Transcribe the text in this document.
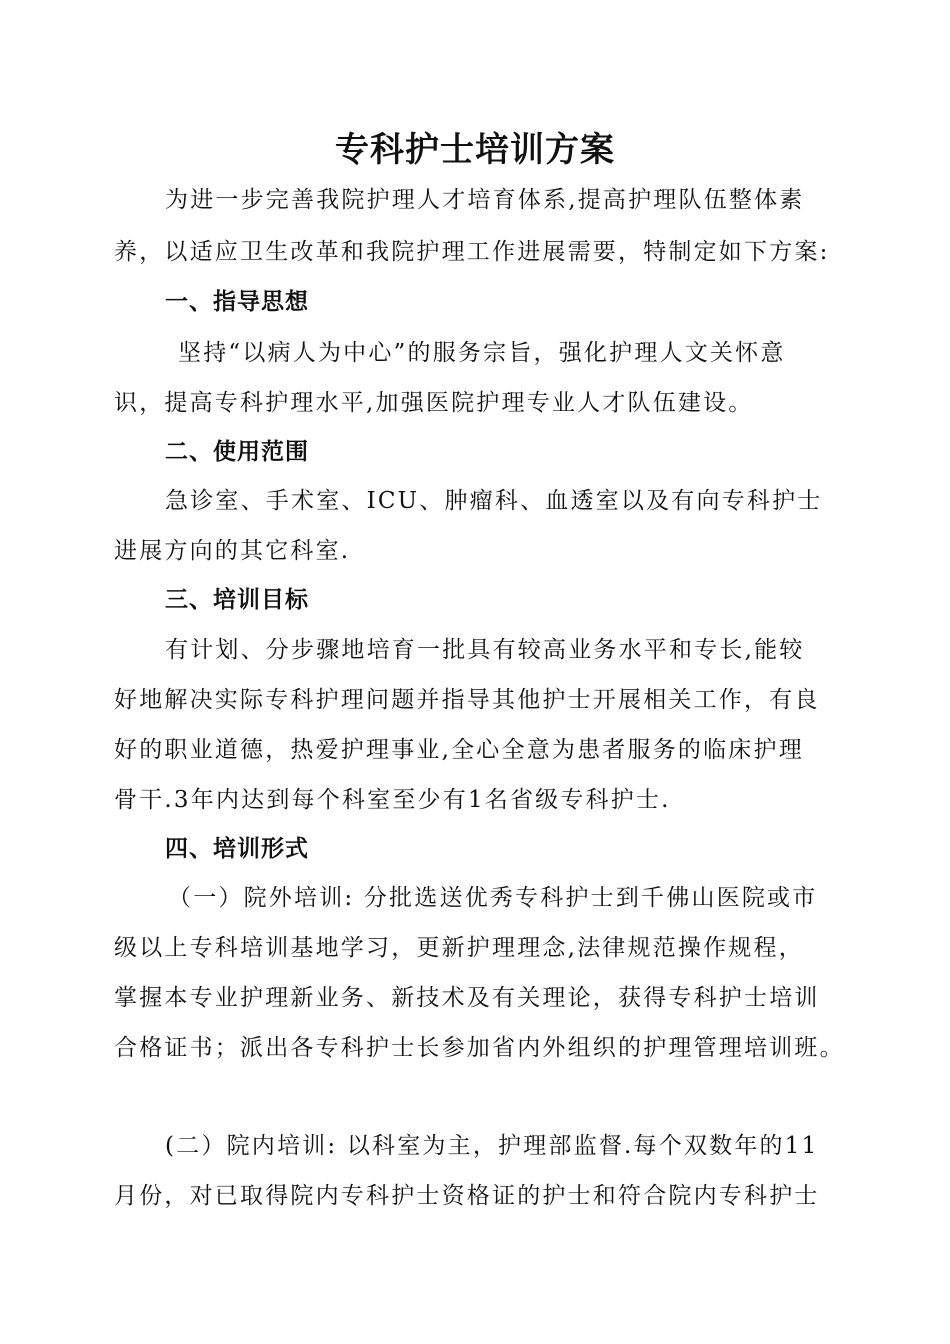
专科护士培训方案
为进一步完善我院护理人才培育体系,提高护理队伍整体素
养，以适应卫生改革和我院护理工作进展需要，特制定如下方案:
一、指导思想
坚持“以病人为中心”的服务宗旨，强化护理人文关怀意
识，提高专科护理水平,加强医院护理专业人才队伍建设。
二、使用范围
急诊室、手术室、ICU、肿瘤科、血透室以及有向专科护士
进展方向的其它科室.
三、培训目标
有计划、分步骤地培育一批具有较高业务水平和专长,能较
好地解决实际专科护理问题并指导其他护士开展相关工作，有良
好的职业道德，热爱护理事业,全心全意为患者服务的临床护理
骨干.3年内达到每个科室至少有1名省级专科护士.
四、培训形式
（一）院外培训: 分批选送优秀专科护士到千佛山医院或市
级以上专科培训基地学习，更新护理理念,法律规范操作规程，
掌握本专业护理新业务、新技术及有关理论，获得专科护士培训
合格证书；派出各专科护士长参加省内外组织的护理管理培训班。
(二）院内培训: 以科室为主，护理部监督.每个双数年的11
月份，对已取得院内专科护士资格证的护士和符合院内专科护士
